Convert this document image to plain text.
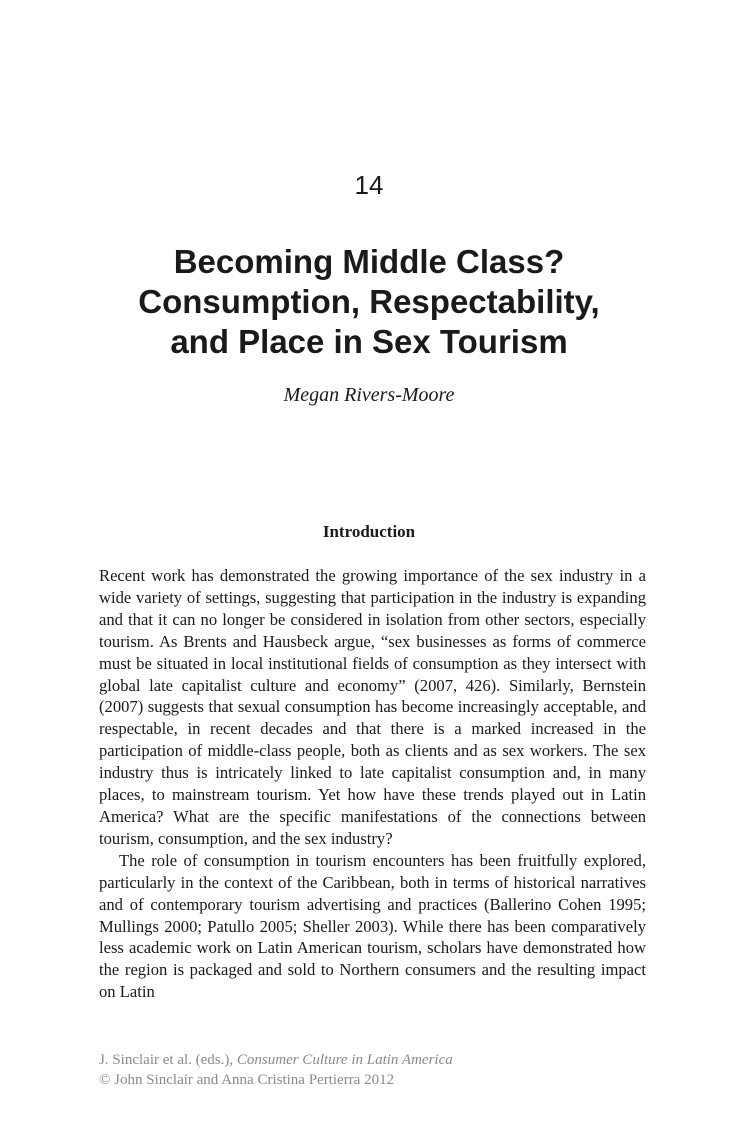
14
Becoming Middle Class?
Consumption, Respectability,
and Place in Sex Tourism
Megan Rivers-Moore
Introduction

Recent work has demonstrated the growing importance of the sex industry in a wide variety of settings, suggesting that participation in the industry is expanding and that it can no longer be considered in isolation from other sectors, especially tourism. As Brents and Hausbeck argue, “sex businesses as forms of commerce must be situated in local institutional fields of consumption as they intersect with global late capitalist culture and economy” (2007, 426). Similarly, Bernstein (2007) suggests that sexual consumption has become increasingly acceptable, and respectable, in recent decades and that there is a marked increased in the participation of middle-class people, both as clients and as sex workers. The sex industry thus is intricately linked to late capitalist consumption and, in many places, to mainstream tourism. Yet how have these trends played out in Latin America? What are the specific manifestations of the connections between tourism, consumption, and the sex industry?

The role of consumption in tourism encounters has been fruitfully explored, particularly in the context of the Caribbean, both in terms of historical narratives and of contemporary tourism advertising and practices (Ballerino Cohen 1995; Mullings 2000; Patullo 2005; Sheller 2003). While there has been comparatively less academic work on Latin American tourism, scholars have demonstrated how the region is packaged and sold to Northern consumers and the resulting impact on Latin

J. Sinclair et al. (eds.), Consumer Culture in Latin America
© John Sinclair and Anna Cristina Pertierra 2012
